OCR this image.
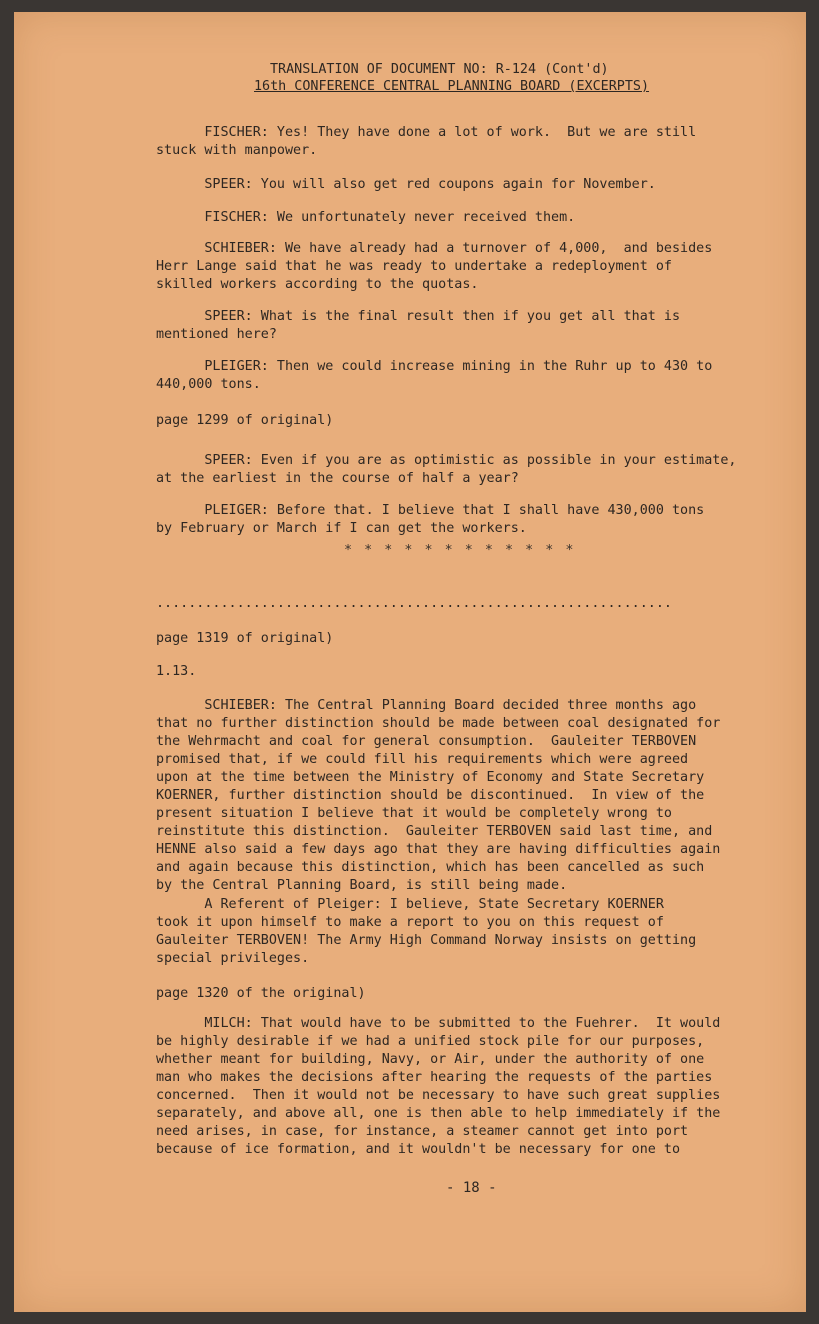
TRANSLATION OF DOCUMENT NO: R-124 (Cont'd)
16th CONFERENCE CENTRAL PLANNING BOARD (EXCERPTS)
FISCHER: Yes! They have done a lot of work.  But we are still
stuck with manpower.
SPEER: You will also get red coupons again for November.
FISCHER: We unfortunately never received them.
SCHIEBER: We have already had a turnover of 4,000,  and besides
Herr Lange said that he was ready to undertake a redeployment of
skilled workers according to the quotas.
SPEER: What is the final result then if you get all that is
mentioned here?
PLEIGER: Then we could increase mining in the Ruhr up to 430 to
440,000 tons.
page 1299 of original)
SPEER: Even if you are as optimistic as possible in your estimate,
at the earliest in the course of half a year?
PLEIGER: Before that. I believe that I shall have 430,000 tons
by February or March if I can get the workers.
* * * * * * * * * * * *
................................................................
page 1319 of original)
1.13.
SCHIEBER: The Central Planning Board decided three months ago
that no further distinction should be made between coal designated for
the Wehrmacht and coal for general consumption.  Gauleiter TERBOVEN
promised that, if we could fill his requirements which were agreed
upon at the time between the Ministry of Economy and State Secretary
KOERNER, further distinction should be discontinued.  In view of the
present situation I believe that it would be completely wrong to
reinstitute this distinction.  Gauleiter TERBOVEN said last time, and
HENNE also said a few days ago that they are having difficulties again
and again because this distinction, which has been cancelled as such
by the Central Planning Board, is still being made.
A Referent of Pleiger: I believe, State Secretary KOERNER
took it upon himself to make a report to you on this request of
Gauleiter TERBOVEN! The Army High Command Norway insists on getting
special privileges.
page 1320 of the original)
MILCH: That would have to be submitted to the Fuehrer.  It would
be highly desirable if we had a unified stock pile for our purposes,
whether meant for building, Navy, or Air, under the authority of one
man who makes the decisions after hearing the requests of the parties
concerned.  Then it would not be necessary to have such great supplies
separately, and above all, one is then able to help immediately if the
need arises, in case, for instance, a steamer cannot get into port
because of ice formation, and it wouldn't be necessary for one to
- 18 -
